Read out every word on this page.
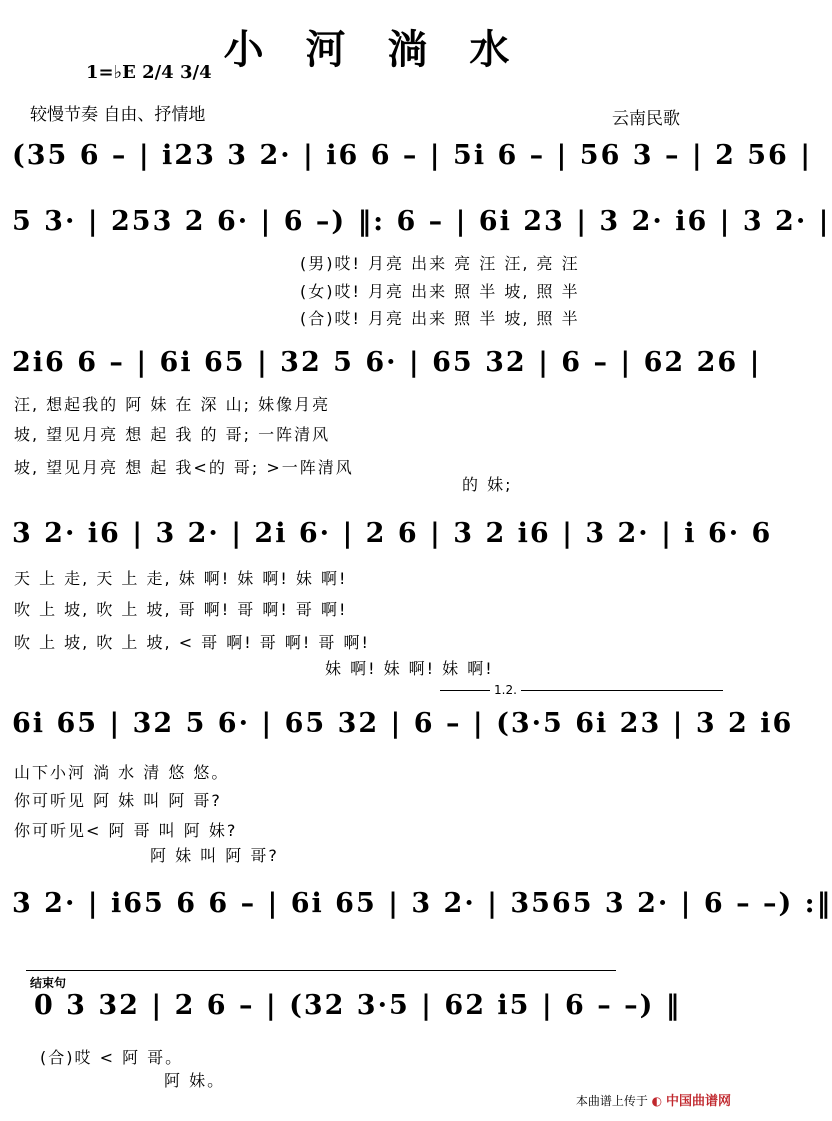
小 河 淌 水
1=♭E 2/4 3/4
较慢节奏 自由、抒情地	云南民歌
(35 6 – | i23 3 2· | i6 6 – | 5i 6 – | 56 3 – | 2 56 |
5 3· | 253 2 6· | 6 –) ‖: 6 – | 6i 23 | 3 2· i6 | 3 2· |
(男)哎! 月亮 出来 亮 汪 汪, 亮 汪
(女)哎! 月亮 出来 照 半 坡, 照 半
(合)哎! 月亮 出来 照 半 坡, 照 半
2i6 6 – | 6i 65 | 32 5 6· | 65 32 | 6 – | 62 26 |
汪, 想起我的 阿 妹 在 深 山; 妹像月亮
坡, 望见月亮 想 起 我 的 哥; 一阵清风
坡, 望见月亮 想 起 我<的 哥; >一阵清风
的 妹;
3 2· i6 | 3 2· | 2i 6· | 2 6 | 3 2 i6 | 3 2· | i 6· 6
天 上 走, 天 上 走, 妹 啊! 妹 啊! 妹 啊!
吹 上 坡, 吹 上 坡, 哥 啊! 哥 啊! 哥 啊!
吹 上 坡, 吹 上 坡, < 哥 啊! 哥 啊! 哥 啊!
妹 啊! 妹 啊! 妹 啊!
1.2.
6i 65 | 32 5 6· | 65 32 | 6 – | (3·5 6i 23 | 3 2 i6
山下小河 淌 水 清 悠 悠。
你可听见 阿 妹 叫 阿 哥?
你可听见< 阿 哥 叫 阿 妹?
阿 妹 叫 阿 哥?
3 2· | i65 6 6 – | 6i 65 | 3 2· | 3565 3 2· | 6 – –) :‖
结束句
0 3 32 | 2 6 – | (32 3·5 | 62 i5 | 6 – –) ‖
(合)哎 < 阿 哥。
阿 妹。
本曲谱上传于 ◐ 中国曲谱网
